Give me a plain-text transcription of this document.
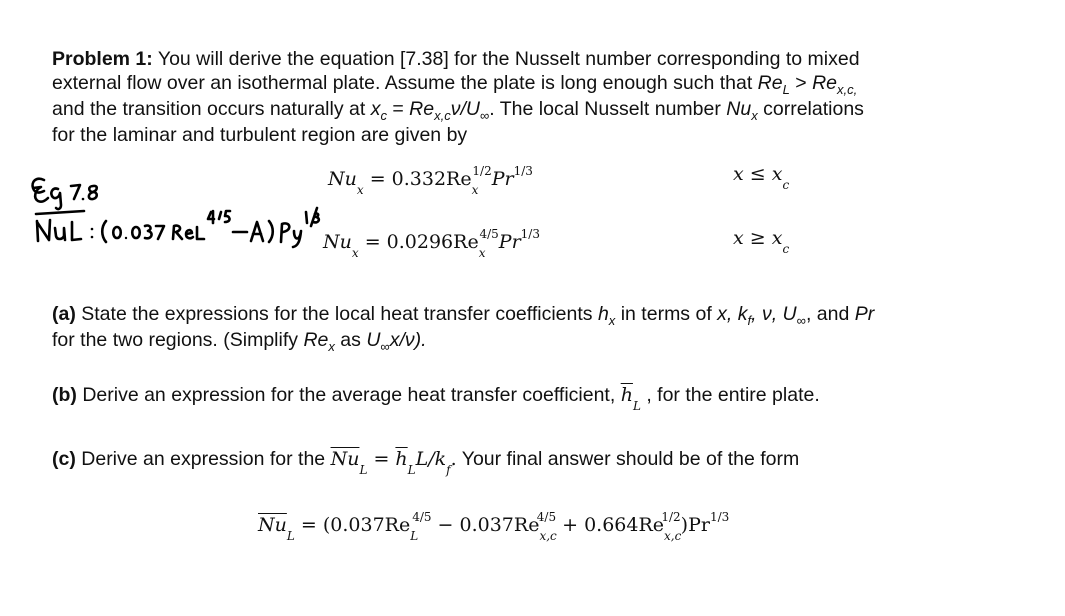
Problem 1: You will derive the equation [7.38] for the Nusselt number corresponding to mixed
external flow over an isothermal plate. Assume the plate is long enough such that $Re_L > Re_{x,c,}$
and the transition occurs naturally at $x_c = Re_{x,c}\nu/U_\infty$. The local Nusselt number $Nu_x$ correlations
for the laminar and turbulent region are given by
$Nu_x = 0.332Re_x^{1/2}Pr^{1/3}$	$x \le x_c$
$Nu_x = 0.0296Re_x^{4/5}Pr^{1/3}$	$x \ge x_c$
(a) State the expressions for the local heat transfer coefficients $h_x$ in terms of x, $k_f$, ν, $U_\infty$, and Pr
for the two regions. (Simplify $Re_x$ as $U_\infty x/\nu$).
(b) Derive an expression for the average heat transfer coefficient, $\overline{h}_L$ , for the entire plate.
(c) Derive an expression for the $\overline{Nu}_L = \overline{h}_LL/k_f$. Your final answer should be of the form
$\overline{Nu}_L = (0.037Re_L^{4/5} - 0.037Re_{x,c}^{4/5} + 0.664Re_{x,c}^{1/2})Pr^{1/3}$
